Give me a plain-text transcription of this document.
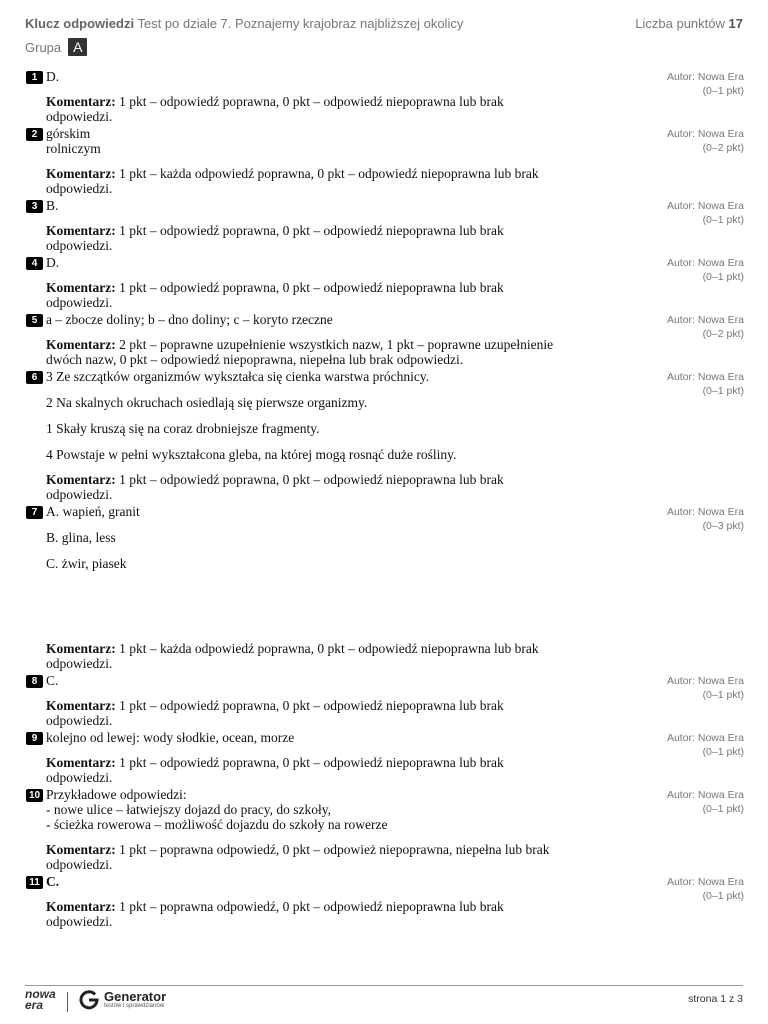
Klucz odpowiedzi Test po dziale 7. Poznajemy krajobraz najbliższej okolicy	Liczba punktów 17
Grupa A
1 D.	Autor: Nowa Era
(0–1 pkt)
Komentarz: 1 pkt – odpowiedź poprawna, 0 pkt – odpowiedź niepoprawna lub brak odpowiedzi.
2 górskim

rolniczym

Autor: Nowa Era
(0–2 pkt)
Komentarz: 1 pkt – każda odpowiedź poprawna, 0 pkt – odpowiedź niepoprawna lub brak odpowiedzi.
3 B.	Autor: Nowa Era
(0–1 pkt)
Komentarz: 1 pkt – odpowiedź poprawna, 0 pkt – odpowiedź niepoprawna lub brak odpowiedzi.
4 D.	Autor: Nowa Era
(0–1 pkt)
Komentarz: 1 pkt – odpowiedź poprawna, 0 pkt – odpowiedź niepoprawna lub brak odpowiedzi.
5 a – zbocze doliny; b – dno doliny; c – koryto rzeczne	Autor: Nowa Era
(0–2 pkt)
Komentarz: 2 pkt – poprawne uzupełnienie wszystkich nazw, 1 pkt – poprawne uzupełnienie dwóch nazw, 0 pkt – odpowiedź niepoprawna, niepełna lub brak odpowiedzi.
6 3 Ze szczątków organizmów wykształca się cienka warstwa próchnicy.

2 Na skalnych okruchach osiedlają się pierwsze organizmy.

1 Skały kruszą się na coraz drobniejsze fragmenty.

4 Powstaje w pełni wykształcona gleba, na której mogą rosnąć duże rośliny.

Autor: Nowa Era
(0–1 pkt)
Komentarz: 1 pkt – odpowiedź poprawna, 0 pkt – odpowiedź niepoprawna lub brak odpowiedzi.
7 A. wapień, granit

B. glina, less

C. żwir, piasek

Autor: Nowa Era
(0–3 pkt)
Komentarz: 1 pkt – każda odpowiedź poprawna, 0 pkt – odpowiedź niepoprawna lub brak odpowiedzi.
8 C.	Autor: Nowa Era
(0–1 pkt)
Komentarz: 1 pkt – odpowiedź poprawna, 0 pkt – odpowiedź niepoprawna lub brak odpowiedzi.
9 kolejno od lewej: wody słodkie, ocean, morze	Autor: Nowa Era
(0–1 pkt)
Komentarz: 1 pkt – odpowiedź poprawna, 0 pkt – odpowiedź niepoprawna lub brak odpowiedzi.
10 Przykładowe odpowiedzi:

- nowe ulice – łatwiejszy dojazd do pracy, do szkoły,

- ścieżka rowerowa – możliwość dojazdu do szkoły na rowerze

Autor: Nowa Era
(0–1 pkt)
Komentarz: 1 pkt – poprawna odpowiedź, 0 pkt – odpowież niepoprawna, niepełna lub brak odpowiedzi.
11 C.	Autor: Nowa Era
(0–1 pkt)
Komentarz: 1 pkt – poprawna odpowiedź, 0 pkt – odpowiedź niepoprawna lub brak odpowiedzi.
nowa
era
Generator
testów i sprawdzianów
strona 1 z 3
